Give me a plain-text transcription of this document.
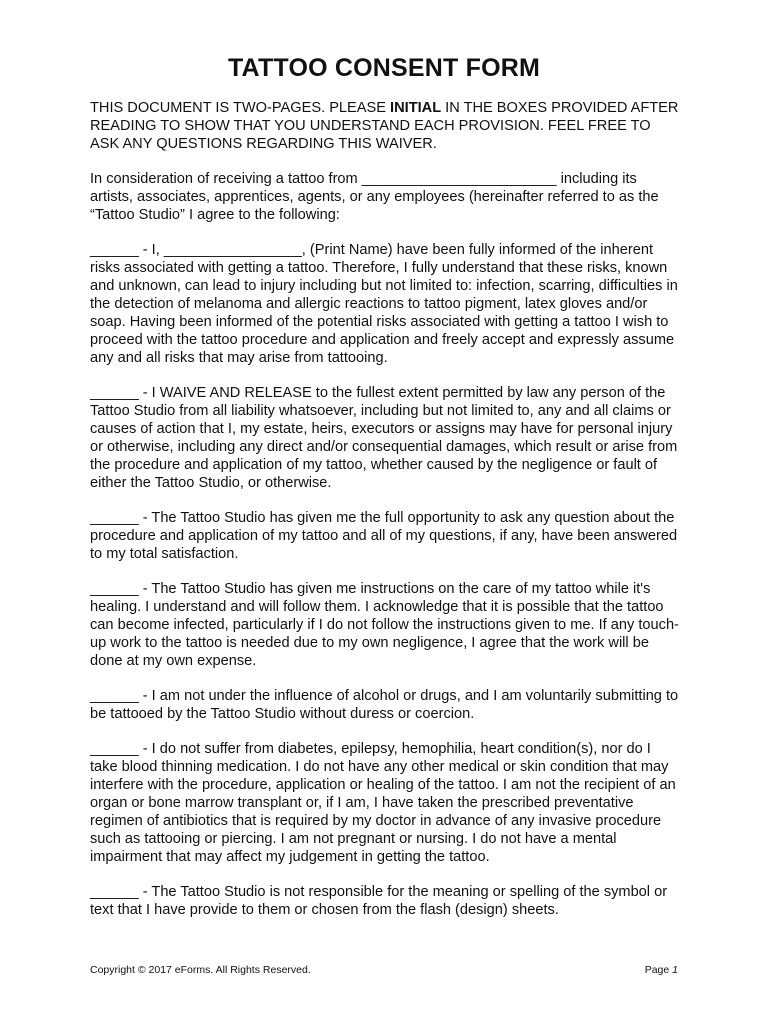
TATTOO CONSENT FORM

THIS DOCUMENT IS TWO-PAGES. PLEASE INITIAL IN THE BOXES PROVIDED AFTER READING TO SHOW THAT YOU UNDERSTAND EACH PROVISION. FEEL FREE TO ASK ANY QUESTIONS REGARDING THIS WAIVER.

In consideration of receiving a tattoo from ________________________ including its artists, associates, apprentices, agents, or any employees (hereinafter referred to as the “Tattoo Studio” I agree to the following:

______ - I, _________________, (Print Name) have been fully informed of the inherent risks associated with getting a tattoo. Therefore, I fully understand that these risks, known and unknown, can lead to injury including but not limited to: infection, scarring, difficulties in the detection of melanoma and allergic reactions to tattoo pigment, latex gloves and/or soap. Having been informed of the potential risks associated with getting a tattoo I wish to proceed with the tattoo procedure and application and freely accept and expressly assume any and all risks that may arise from tattooing.

______ - I WAIVE AND RELEASE to the fullest extent permitted by law any person of the Tattoo Studio from all liability whatsoever, including but not limited to, any and all claims or causes of action that I, my estate, heirs, executors or assigns may have for personal injury or otherwise, including any direct and/or consequential damages, which result or arise from the procedure and application of my tattoo, whether caused by the negligence or fault of either the Tattoo Studio, or otherwise.

______ - The Tattoo Studio has given me the full opportunity to ask any question about the procedure and application of my tattoo and all of my questions, if any, have been answered to my total satisfaction.

______ - The Tattoo Studio has given me instructions on the care of my tattoo while it's healing. I understand and will follow them. I acknowledge that it is possible that the tattoo can become infected, particularly if I do not follow the instructions given to me. If any touch-up work to the tattoo is needed due to my own negligence, I agree that the work will be done at my own expense.

______ - I am not under the influence of alcohol or drugs, and I am voluntarily submitting to be tattooed by the Tattoo Studio without duress or coercion.

______ - I do not suffer from diabetes, epilepsy, hemophilia, heart condition(s), nor do I take blood thinning medication. I do not have any other medical or skin condition that may interfere with the procedure, application or healing of the tattoo. I am not the recipient of an organ or bone marrow transplant or, if I am, I have taken the prescribed preventative regimen of antibiotics that is required by my doctor in advance of any invasive procedure such as tattooing or piercing. I am not pregnant or nursing. I do not have a mental impairment that may affect my judgement in getting the tattoo.

______ - The Tattoo Studio is not responsible for the meaning or spelling of the symbol or text that I have provide to them or chosen from the flash (design) sheets.

Copyright © 2017 eForms. All Rights Reserved.	Page 1
